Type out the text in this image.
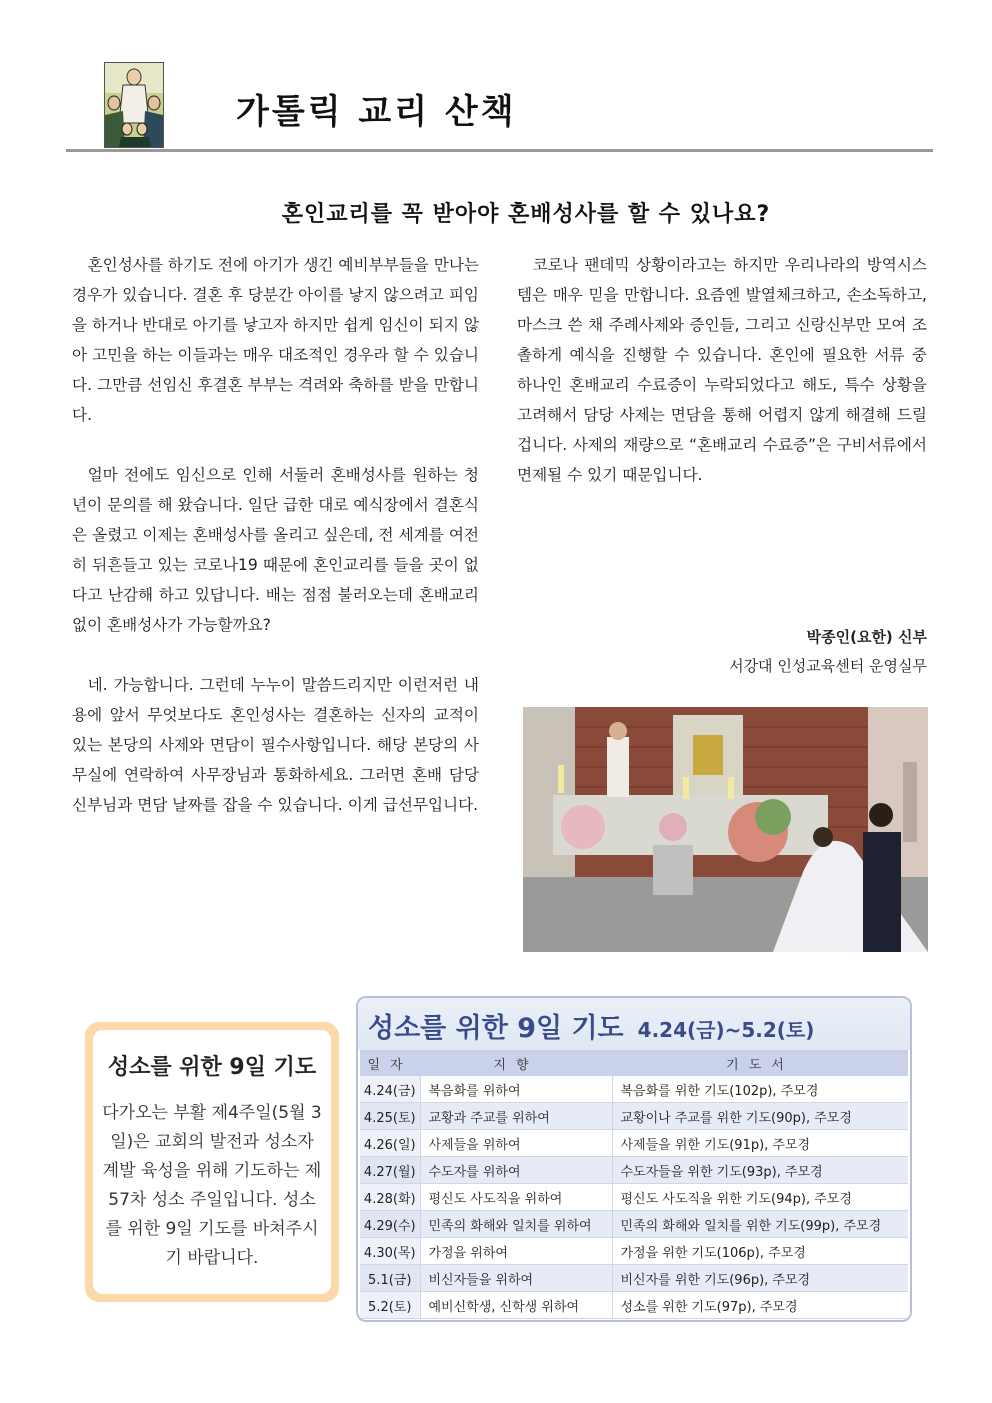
가톨릭 교리 산책
혼인교리를 꼭 받아야 혼배성사를 할 수 있나요?

혼인성사를 하기도 전에 아기가 생긴 예비부부들을 만나는 경우가 있습니다. 결혼 후 당분간 아이를 낳지 않으려고 피임을 하거나 반대로 아기를 낳고자 하지만 쉽게 임신이 되지 않아 고민을 하는 이들과는 매우 대조적인 경우라 할 수 있습니다. 그만큼 선임신 후결혼 부부는 격려와 축하를 받을 만합니다.

얼마 전에도 임신으로 인해 서둘러 혼배성사를 원하는 청년이 문의를 해 왔습니다. 일단 급한 대로 예식장에서 결혼식은 올렸고 이제는 혼배성사를 올리고 싶은데, 전 세계를 여전히 뒤흔들고 있는 코로나19 때문에 혼인교리를 들을 곳이 없다고 난감해 하고 있답니다. 배는 점점 불러오는데 혼배교리 없이 혼배성사가 가능할까요?

네. 가능합니다. 그런데 누누이 말씀드리지만 이런저런 내용에 앞서 무엇보다도 혼인성사는 결혼하는 신자의 교적이 있는 본당의 사제와 면담이 필수사항입니다. 해당 본당의 사무실에 연락하여 사무장님과 통화하세요. 그러면 혼배 담당 신부님과 면담 날짜를 잡을 수 있습니다. 이게 급선무입니다.

코로나 팬데믹 상황이라고는 하지만 우리나라의 방역시스템은 매우 믿을 만합니다. 요즘엔 발열체크하고, 손소독하고, 마스크 쓴 채 주례사제와 증인들, 그리고 신랑신부만 모여 조촐하게 예식을 진행할 수 있습니다. 혼인에 필요한 서류 중 하나인 혼배교리 수료증이 누락되었다고 해도, 특수 상황을 고려해서 담당 사제는 면담을 통해 어렵지 않게 해결해 드릴 겁니다. 사제의 재량으로 “혼배교리 수료증”은 구비서류에서 면제될 수 있기 때문입니다.

박종인(요한) 신부
서강대 인성교육센터 운영실무
성소를 위한 9일 기도
다가오는 부활 제4주일(5월 3일)은 교회의 발전과 성소자 계발 육성을 위해 기도하는 제57차 성소 주일입니다. 성소를 위한 9일 기도를 바쳐주시기 바랍니다.
성소를 위한 9일 기도 4.24(금)~5.2(토)
일자	지향	기도서
4.24(금)	복음화를 위하여	복음화를 위한 기도(102p), 주모경
4.25(토)	교황과 주교를 위하여	교황이나 주교를 위한 기도(90p), 주모경
4.26(일)	사제들을 위하여	사제들을 위한 기도(91p), 주모경
4.27(월)	수도자를 위하여	수도자들을 위한 기도(93p), 주모경
4.28(화)	평신도 사도직을 위하여	평신도 사도직을 위한 기도(94p), 주모경
4.29(수)	민족의 화해와 일치를 위하여	민족의 화해와 일치를 위한 기도(99p), 주모경
4.30(목)	가정을 위하여	가정을 위한 기도(106p), 주모경
5.1(금)	비신자들을 위하여	비신자를 위한 기도(96p), 주모경
5.2(토)	예비신학생, 신학생 위하여	성소를 위한 기도(97p), 주모경
